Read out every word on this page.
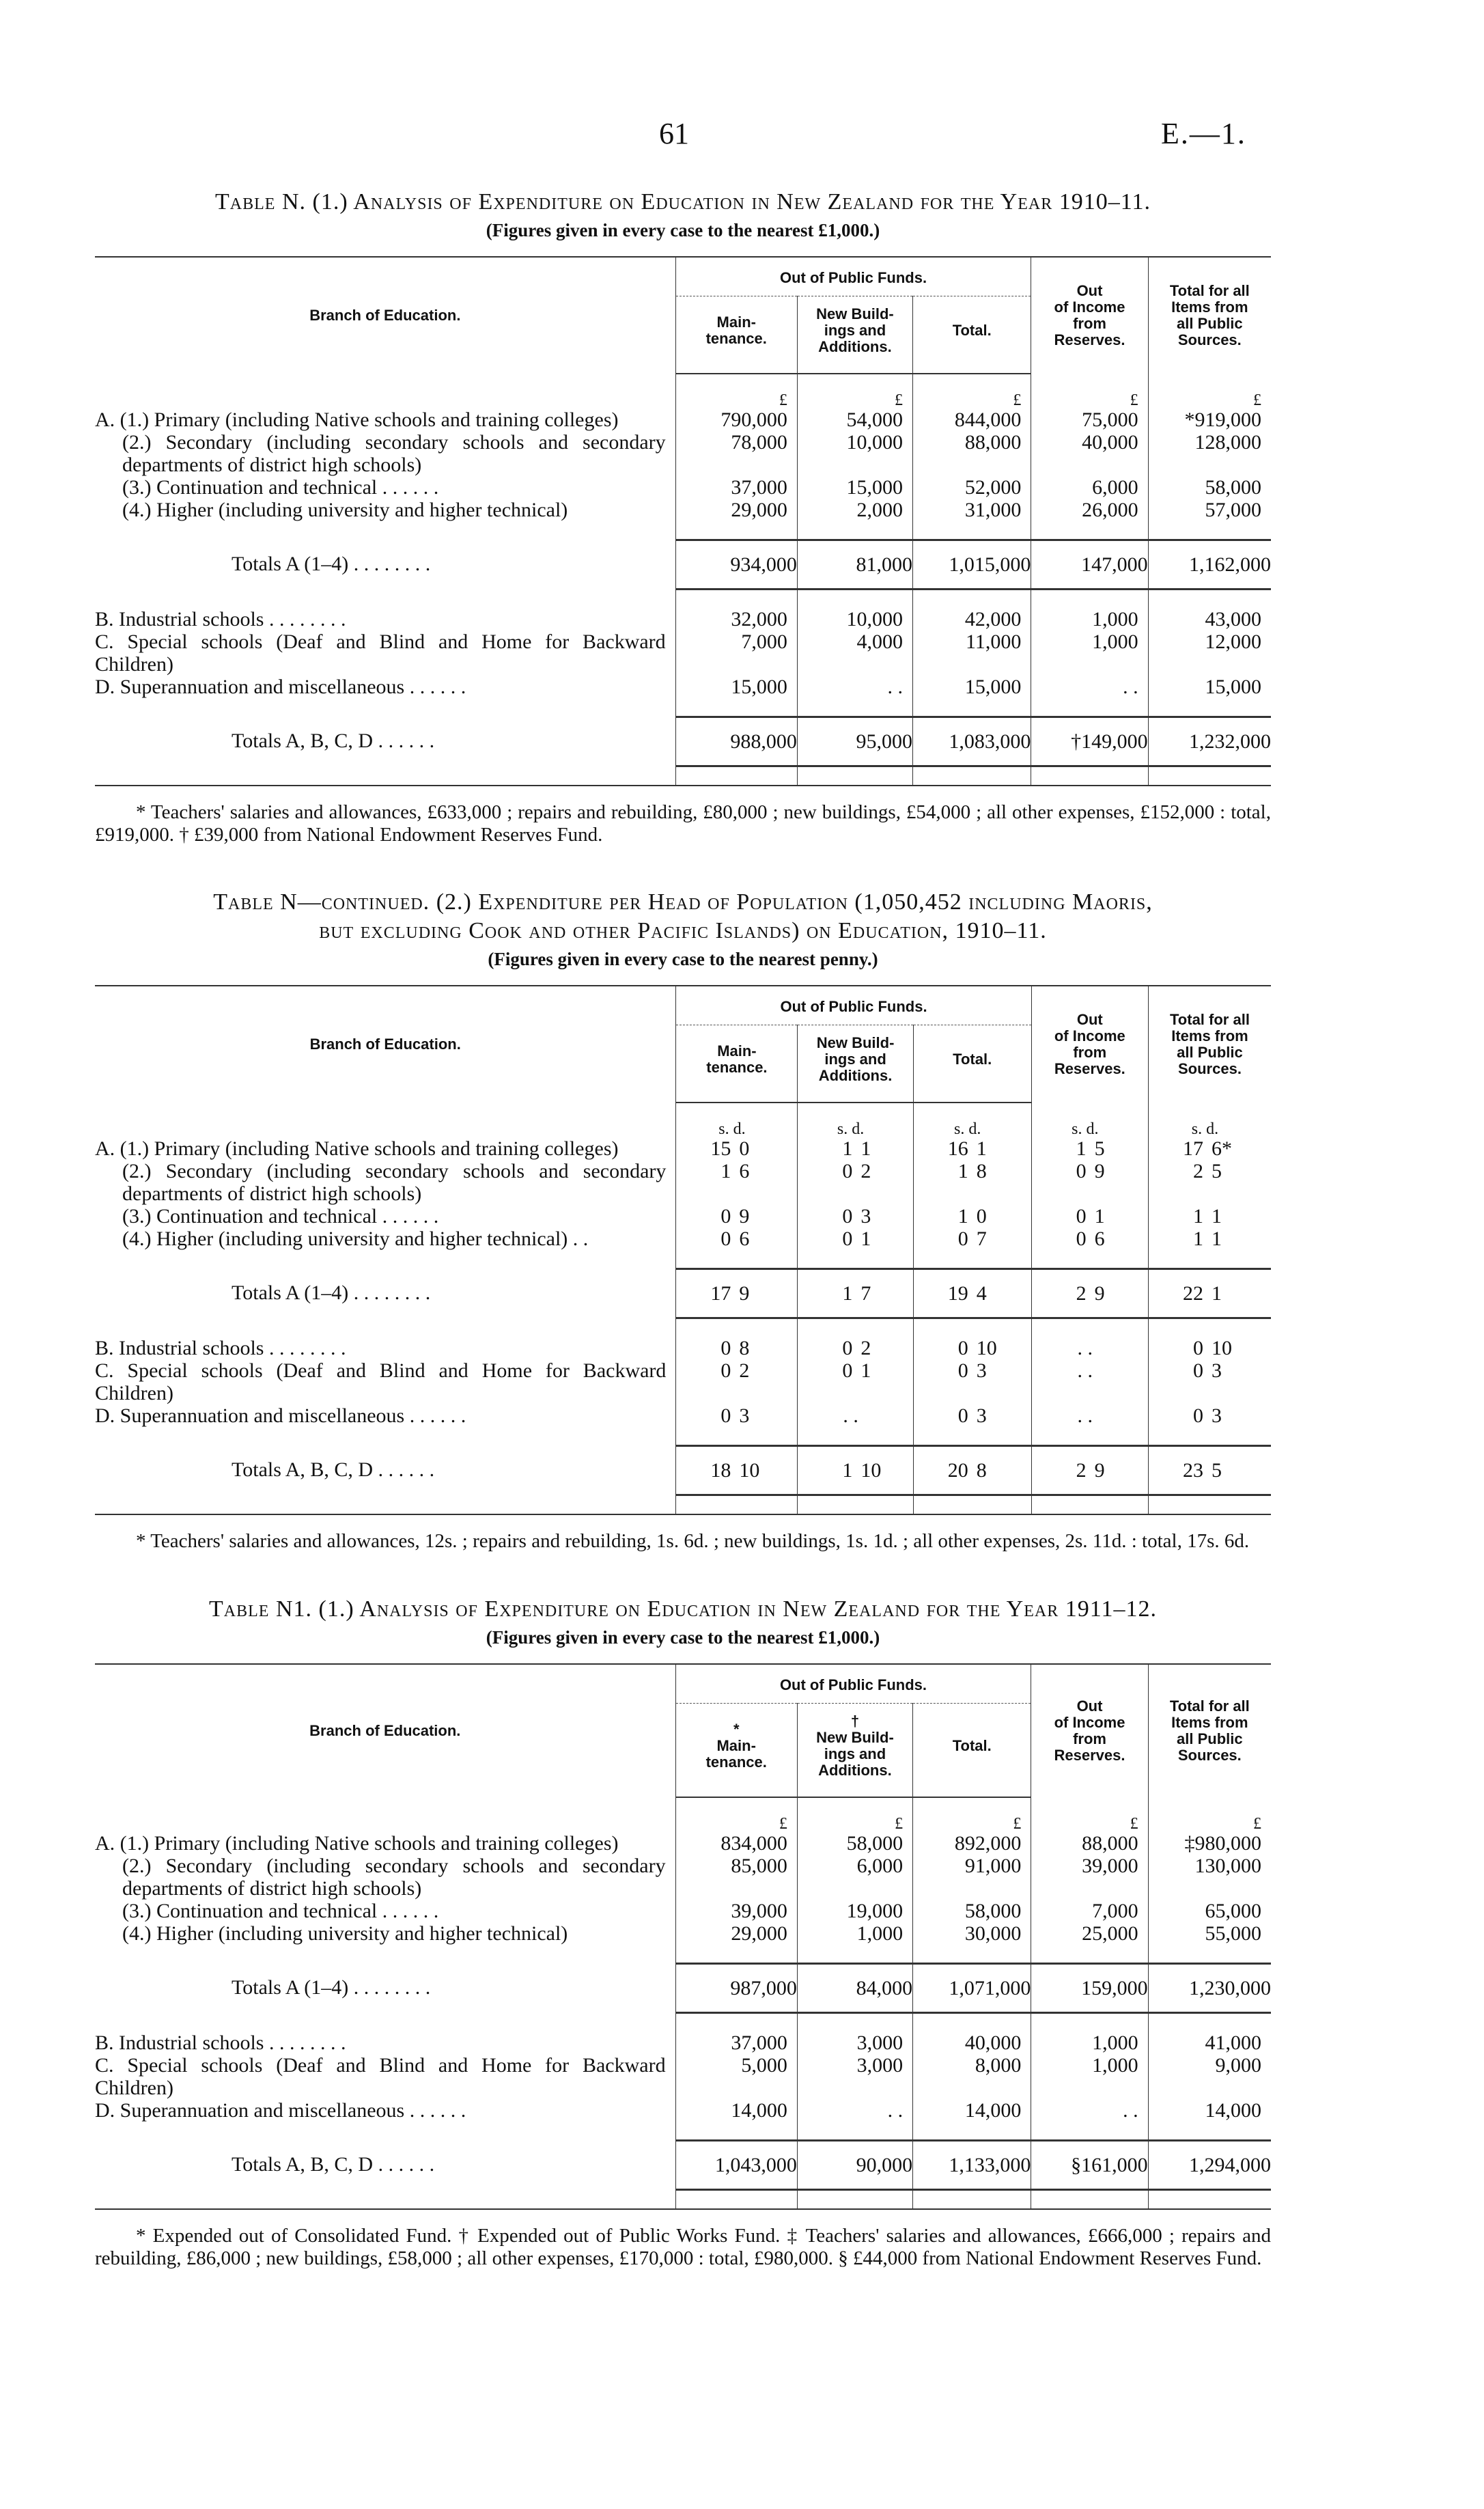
61	E.—1.
Table N. (1.) Analysis of Expenditure on Education in New Zealand for the Year 1910–11.
(Figures given in every case to the nearest £1,000.)
Branch of Education.	Out of Public Funds.			Out
of Income
from
Reserves.	Total for all
Items from
all Public
Sources.
	Main-
tenance.	New Build-
ings and
Additions.	Total.		

	£	£	£	£	£
A. (1.) Primary (including Native schools and training colleges)	790,000	54,000	844,000	75,000	*919,000
(2.) Secondary (including secondary schools and secondary departments of district high schools)	78,000	10,000	88,000	40,000	128,000
(3.) Continuation and technical . . . . . .	37,000	15,000	52,000	6,000	58,000
(4.) Higher (including university and higher technical)	29,000	2,000	31,000	26,000	57,000

Totals A (1–4) . . . . . . . .	934,000	81,000	1,015,000	147,000	1,162,000

B. Industrial schools . . . . . . . .	32,000	10,000	42,000	1,000	43,000
C. Special schools (Deaf and Blind and Home for Backward Children)	7,000	4,000	11,000	1,000	12,000
D. Superannuation and miscellaneous . . . . . .	15,000	. .	15,000	. .	15,000

Totals A, B, C, D . . . . . .	988,000	95,000	1,083,000	†149,000	1,232,000

* Teachers' salaries and allowances, £633,000 ; repairs and rebuilding, £80,000 ; new buildings, £54,000 ; all other expenses, £152,000 : total, £919,000. † £39,000 from National Endowment Reserves Fund.
Table N—continued. (2.) Expenditure per Head of Population (1,050,452 including Maoris,
but excluding Cook and other Pacific Islands) on Education, 1910–11.
(Figures given in every case to the nearest penny.)
Branch of Education.	Out of Public Funds.			Out
of Income
from
Reserves.	Total for all
Items from
all Public
Sources.
	Main-
tenance.	New Build-
ings and
Additions.	Total.		

	s. d.	s. d.	s. d.	s. d.	s. d.
A. (1.) Primary (including Native schools and training colleges)	15 0	1 1	16 1	1 5	17 6*
(2.) Secondary (including secondary schools and secondary departments of district high schools)	1 6	0 2	1 8	0 9	2 5
(3.) Continuation and technical . . . . . .	0 9	0 3	1 0	0 1	1 1
(4.) Higher (including university and higher technical) . .	0 6	0 1	0 7	0 6	1 1

Totals A (1–4) . . . . . . . .	17 9	1 7	19 4	2 9	22 1

B. Industrial schools . . . . . . . .	0 8	0 2	0 10	. .	0 10
C. Special schools (Deaf and Blind and Home for Backward Children)	0 2	0 1	0 3	. .	0 3
D. Superannuation and miscellaneous . . . . . .	0 3	. .	0 3	. .	0 3

Totals A, B, C, D . . . . . .	18 10	1 10	20 8	2 9	23 5

* Teachers' salaries and allowances, 12s. ; repairs and rebuilding, 1s. 6d. ; new buildings, 1s. 1d. ; all other expenses, 2s. 11d. : total, 17s. 6d.
Table N1. (1.) Analysis of Expenditure on Education in New Zealand for the Year 1911–12.
(Figures given in every case to the nearest £1,000.)
Branch of Education.	Out of Public Funds.			Out
of Income
from
Reserves.	Total for all
Items from
all Public
Sources.

	*
Main-
tenance.	†
New Build-
ings and
Additions.	Total.		

	£	£	£	£	£
A. (1.) Primary (including Native schools and training colleges)	834,000	58,000	892,000	88,000	‡980,000
(2.) Secondary (including secondary schools and secondary departments of district high schools)	85,000	6,000	91,000	39,000	130,000
(3.) Continuation and technical . . . . . .	39,000	19,000	58,000	7,000	65,000
(4.) Higher (including university and higher technical)	29,000	1,000	30,000	25,000	55,000

Totals A (1–4) . . . . . . . .	987,000	84,000	1,071,000	159,000	1,230,000

B. Industrial schools . . . . . . . .	37,000	3,000	40,000	1,000	41,000
C. Special schools (Deaf and Blind and Home for Backward Children)	5,000	3,000	8,000	1,000	9,000
D. Superannuation and miscellaneous . . . . . .	14,000	. .	14,000	. .	14,000

Totals A, B, C, D . . . . . .	1,043,000	90,000	1,133,000	§161,000	1,294,000

* Expended out of Consolidated Fund. † Expended out of Public Works Fund. ‡ Teachers' salaries and allowances, £666,000 ; repairs and rebuilding, £86,000 ; new buildings, £58,000 ; all other expenses, £170,000 : total, £980,000. § £44,000 from National Endowment Reserves Fund.
